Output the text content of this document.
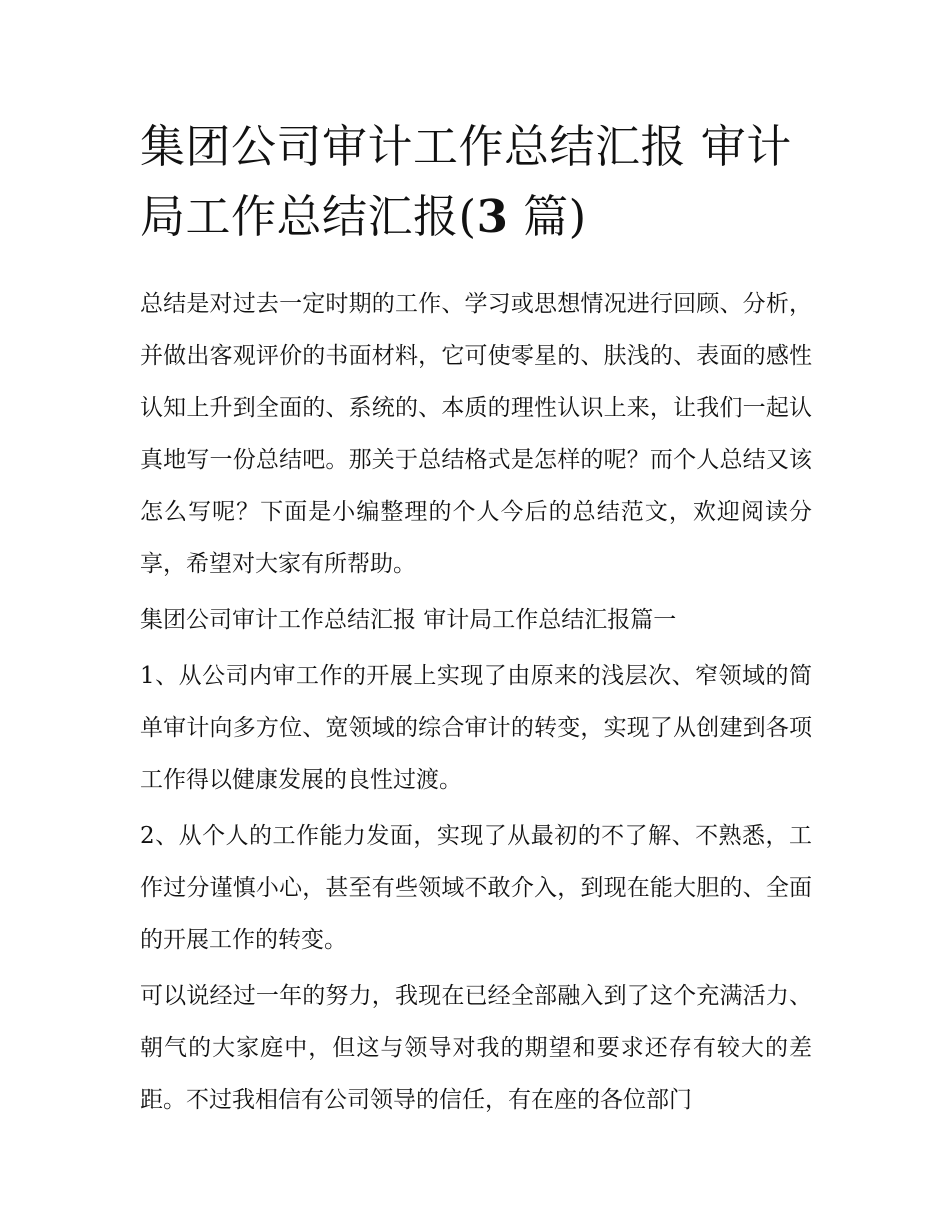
集团公司审计工作总结汇报 审计局工作总结汇报(3 篇)

总结是对过去一定时期的工作、学习或思想情况进行回顾、分析，并做出客观评价的书面材料，它可使零星的、肤浅的、表面的感性认知上升到全面的、系统的、本质的理性认识上来，让我们一起认真地写一份总结吧。那关于总结格式是怎样的呢？而个人总结又该怎么写呢？下面是小编整理的个人今后的总结范文，欢迎阅读分享，希望对大家有所帮助。

集团公司审计工作总结汇报 审计局工作总结汇报篇一

1、从公司内审工作的开展上实现了由原来的浅层次、窄领域的简单审计向多方位、宽领域的综合审计的转变，实现了从创建到各项工作得以健康发展的良性过渡。

2、从个人的工作能力发面，实现了从最初的不了解、不熟悉，工作过分谨慎小心，甚至有些领域不敢介入，到现在能大胆的、全面的开展工作的转变。

可以说经过一年的努力，我现在已经全部融入到了这个充满活力、朝气的大家庭中，但这与领导对我的期望和要求还存有较大的差距。不过我相信有公司领导的信任，有在座的各位部门
